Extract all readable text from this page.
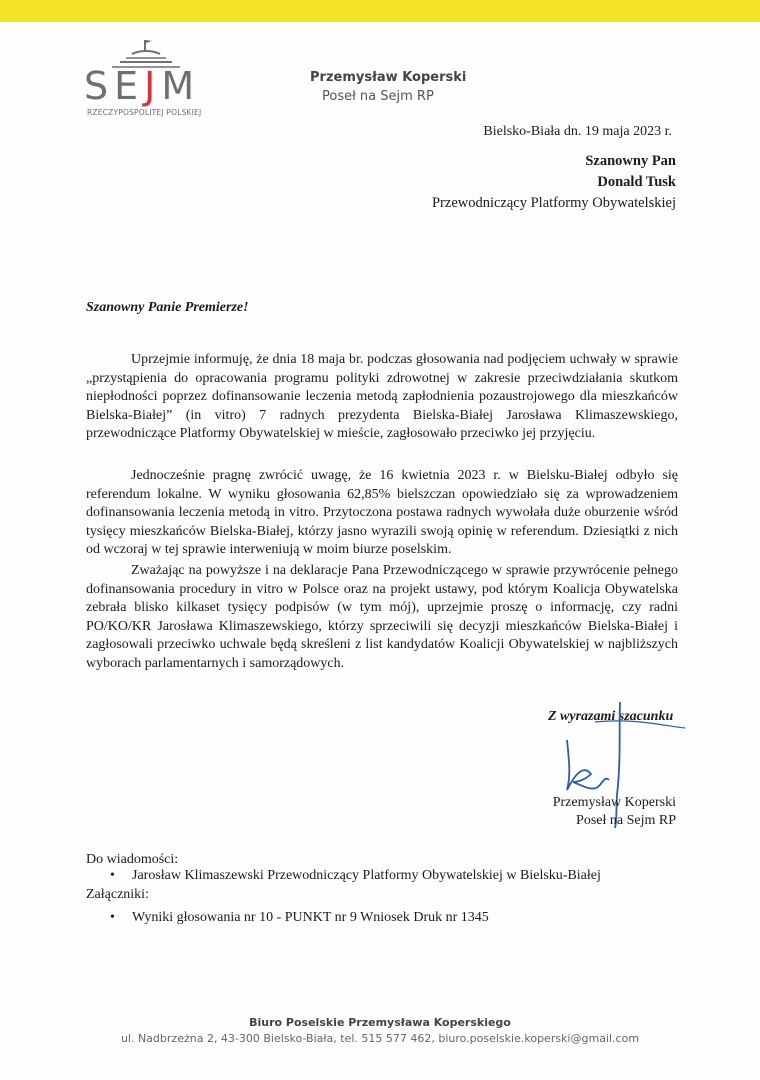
SEJM
RZECZYPOSPOLITEJ POLSKIEJ
Przemysław Koperski
Poseł na Sejm RP
Bielsko-Biała dn. 19 maja 2023 r.
Szanowny Pan
Donald Tusk
Przewodniczący Platformy Obywatelskiej
Szanowny Panie Premierze!
Uprzejmie informuję, że dnia 18 maja br. podczas głosowania nad podjęciem uchwały w sprawie „przystąpienia do opracowania programu polityki zdrowotnej w zakresie przeciwdziałania skutkom niepłodności poprzez dofinansowanie leczenia metodą zapłodnienia pozaustrojowego dla mieszkańców Bielska-Białej” (in vitro) 7 radnych prezydenta Bielska-Białej Jarosława Klimaszewskiego, przewodniczące Platformy Obywatelskiej w mieście, zagłosowało przeciwko jej przyjęciu.
Jednocześnie pragnę zwrócić uwagę, że 16 kwietnia 2023 r. w Bielsku-Białej odbyło się referendum lokalne. W wyniku głosowania 62,85% bielszczan opowiedziało się za wprowadzeniem dofinansowania leczenia metodą in vitro. Przytoczona postawa radnych wywołała duże oburzenie wśród tysięcy mieszkańców Bielska-Białej, którzy jasno wyrazili swoją opinię w referendum. Dziesiątki z nich od wczoraj w tej sprawie interweniują w moim biurze poselskim.
Zważając na powyższe i na deklaracje Pana Przewodniczącego w sprawie przywrócenie pełnego dofinansowania procedury in vitro w Polsce oraz na projekt ustawy, pod którym Koalicja Obywatelska zebrała blisko kilkaset tysięcy podpisów (w tym mój), uprzejmie proszę o informację, czy radni PO/KO/KR Jarosława Klimaszewskiego, którzy sprzeciwili się decyzji mieszkańców Bielska-Białej i zagłosowali przeciwko uchwale będą skreśleni z list kandydatów Koalicji Obywatelskiej w najbliższych wyborach parlamentarnych i samorządowych.
Z wyrazami szacunku
Przemysław Koperski
Poseł na Sejm RP
Do wiadomości:
• Jarosław Klimaszewski Przewodniczący Platformy Obywatelskiej w Bielsku-Białej
Załączniki:
• Wyniki głosowania nr 10 - PUNKT nr 9 Wniosek Druk nr 1345
Biuro Poselskie Przemysława Koperskiego
ul. Nadbrzeżna 2, 43-300 Bielsko-Biała, tel. 515 577 462, biuro.poselskie.koperski@gmail.com
